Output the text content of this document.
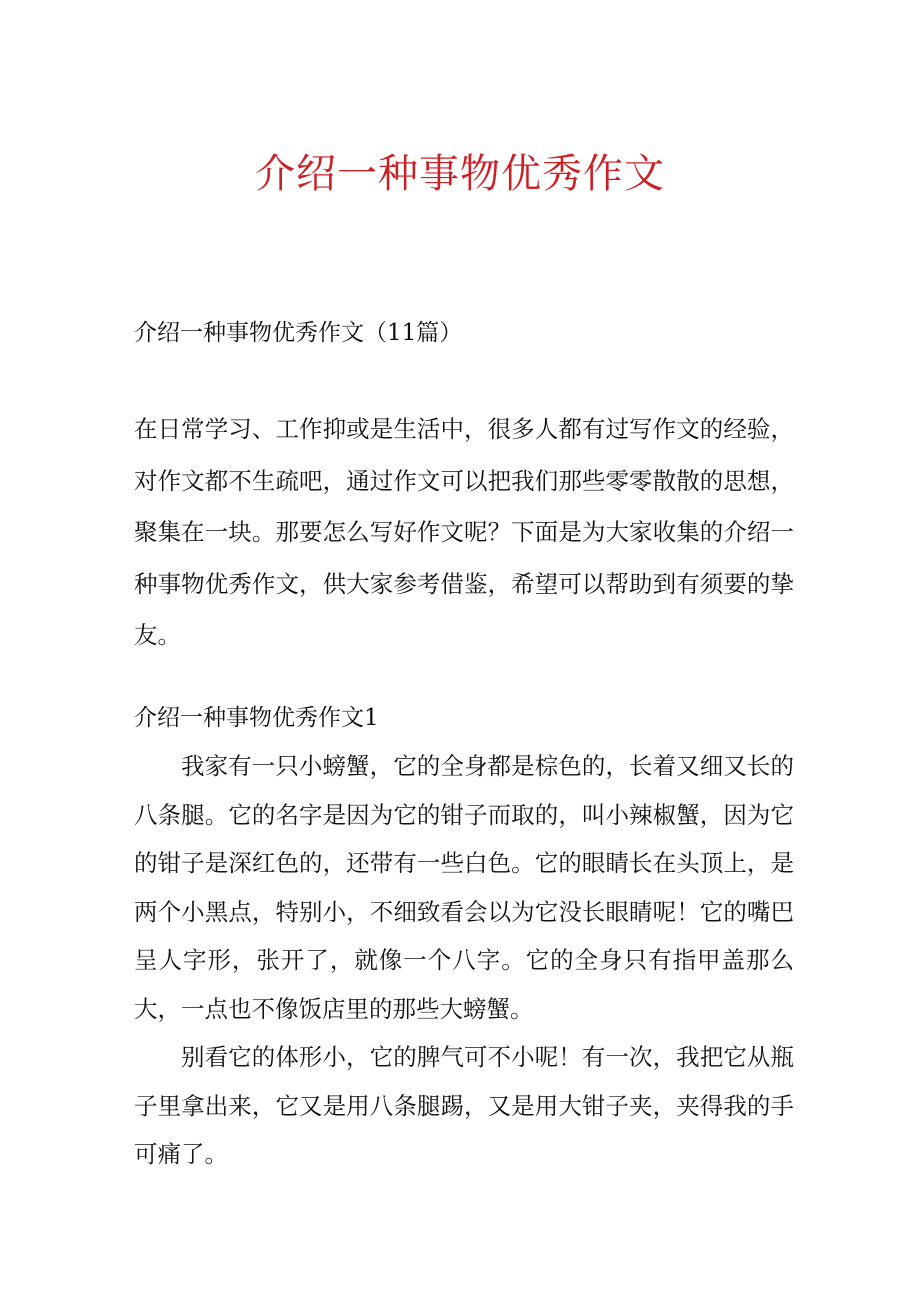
介绍一种事物优秀作文

介绍一种事物优秀作文（11篇）

在日常学习、工作抑或是生活中，很多人都有过写作文的经验，对作文都不生疏吧，通过作文可以把我们那些零零散散的思想，聚集在一块。那要怎么写好作文呢？下面是为大家收集的介绍一种事物优秀作文，供大家参考借鉴，希望可以帮助到有须要的挚友。

介绍一种事物优秀作文1

我家有一只小螃蟹，它的全身都是棕色的，长着又细又长的八条腿。它的名字是因为它的钳子而取的，叫小辣椒蟹，因为它的钳子是深红色的，还带有一些白色。它的眼睛长在头顶上，是两个小黑点，特别小，不细致看会以为它没长眼睛呢！它的嘴巴呈人字形，张开了，就像一个八字。它的全身只有指甲盖那么大，一点也不像饭店里的那些大螃蟹。

别看它的体形小，它的脾气可不小呢！有一次，我把它从瓶子里拿出来，它又是用八条腿踢，又是用大钳子夹，夹得我的手可痛了。
